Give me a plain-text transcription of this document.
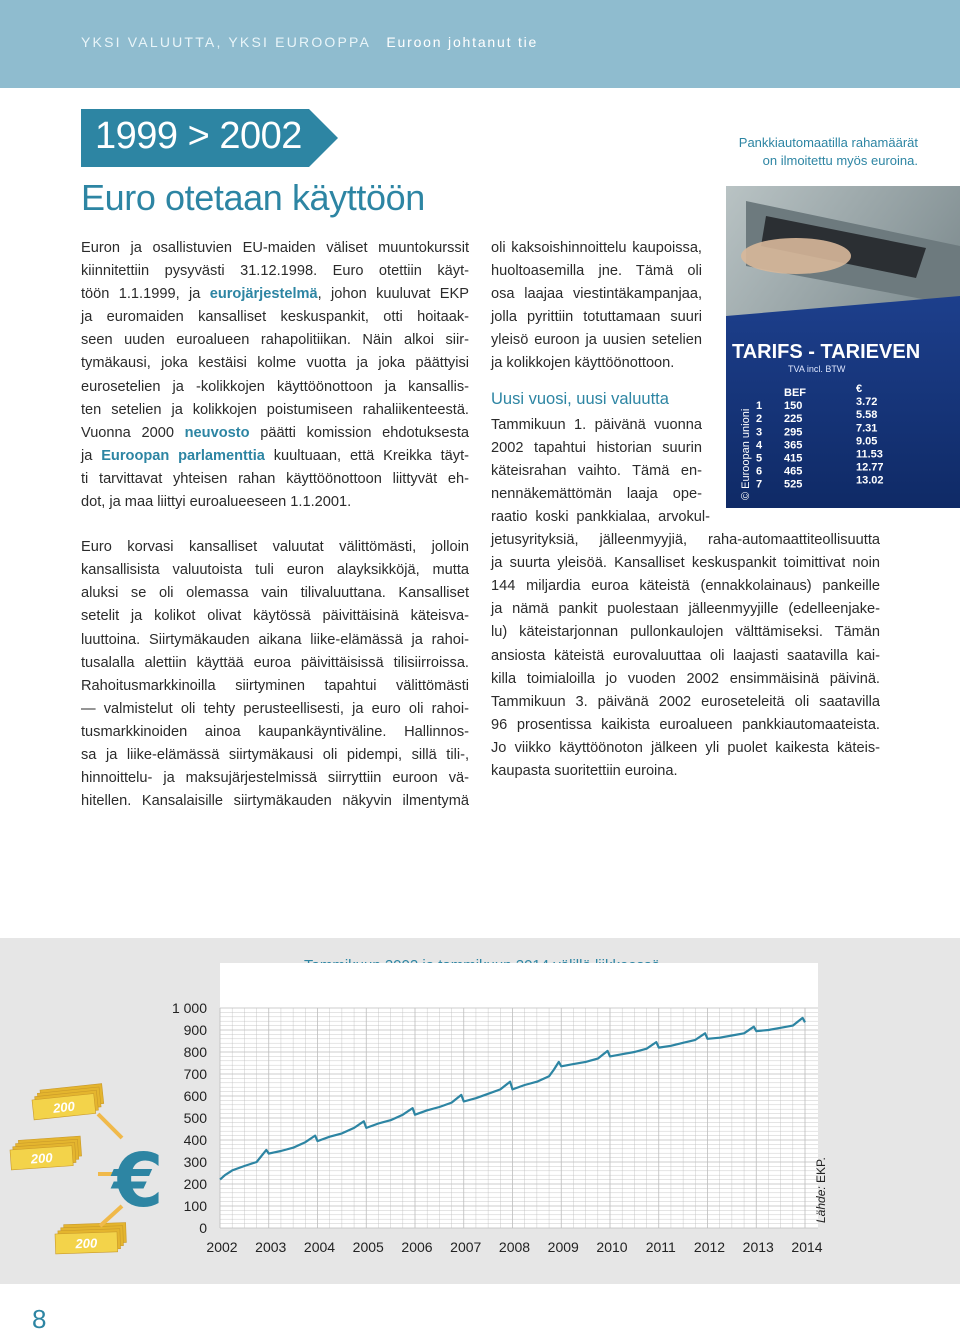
YKSI VALUUTTA, YKSI EUROOPPA Euroon johtanut tie
1999 > 2002
Euro otetaan käyttöön
Euron ja osallistuvien EU-maiden väliset muuntokurssit
kiinnitettiin pysyvästi 31.12.1998. Euro otettiin käyt-
töön 1.1.1999, ja eurojärjestelmä, johon kuuluvat EKP
ja euromaiden kansalliset keskuspankit, otti hoitaak-
seen uuden euroalueen rahapolitiikan. Näin alkoi siir-
tymäkausi, joka kestäisi kolme vuotta ja joka päättyisi
eurosetelien ja -kolikkojen käyttöönottoon ja kansallis-
ten setelien ja kolikkojen poistumiseen rahaliikenteestä.
Vuonna 2000 neuvosto päätti komission ehdotuksesta
ja Euroopan parlamenttia kuultuaan, että Kreikka täyt-
ti tarvittavat yhteisen rahan käyttöönottoon liittyvät eh-
dot, ja maa liittyi euroalueeseen 1.1.2001.
Euro korvasi kansalliset valuutat välittömästi, jolloin
kansallisista valuutoista tuli euron alayksikköjä, mutta
aluksi se oli olemassa vain tilivaluuttana. Kansalliset
setelit ja kolikot olivat käytössä päivittäisinä käteisva-
luuttoina. Siirtymäkauden aikana liike-elämässä ja rahoi-
tusalalla alettiin käyttää euroa päivittäisissä tilisiirroissa.
Rahoitusmarkkinoilla siirtyminen tapahtui välittömästi
— valmistelut oli tehty perusteellisesti, ja euro oli rahoi-
tusmarkkinoiden ainoa kaupankäyntiväline. Hallinnos-
sa ja liike-elämässä siirtymäkausi oli pidempi, sillä tili-,
hinnoittelu- ja maksujärjestelmissä siirryttiin euroon vä-
hitellen. Kansalaisille siirtymäkauden näkyvin ilmentymä
oli kaksoishinnoittelu kaupoissa,
huoltoasemilla jne. Tämä oli
osa laajaa viestintäkampanjaa,
jolla pyrittiin totuttamaan suuri
yleisö euroon ja uusien setelien
ja kolikkojen käyttöönottoon.
Uusi vuosi, uusi valuutta
Tammikuun 1. päivänä vuonna
2002 tapahtui historian suurin
käteisrahan vaihto. Tämä en-
nennäkemättömän laaja ope-
raatio koski pankkialaa, arvokul-
jetusyrityksiä, jälleenmyyjiä, raha-automaattiteollisuutta
ja suurta yleisöä. Kansalliset keskuspankit toimittivat noin
144 miljardia euroa käteistä (ennakkolainaus) pankeille
ja nämä pankit puolestaan jälleenmyyjille (edelleenjake-
lu) käteistarjonnan pullonkaulojen välttämiseksi. Tämän
ansiosta käteistä eurovaluuttaa oli laajasti saatavilla kai-
killa toimialoilla jo vuoden 2002 ensimmäisinä päivinä.
Tammikuun 3. päivänä 2002 euroseteleitä oli saatavilla
96 prosentissa kaikista euroalueen pankkiautomaateista.
Jo viikko käyttöönoton jälkeen yli puolet kaikesta käteis-
kaupasta suoritettiin euroina.
Pankkiautomaatilla rahamäärät
on ilmoitettu myös euroina.
TARIFS - TARIEVEN
TVA incl. BTW
BEF	€
1 150	3.72
2 225	5.58
3 295	7.31
4 365	9.05
5 415	11.53
6 465	12.77
7 525	13.02
© Euroopan unioni
200
200
200
€
0
100
200
300
400
500
600
700
800
900
1 000
2002 2003 2004 2005 2006 2007 2008 2009 2010 2011 2012 2013 2014
Lähde: EKP.
8
